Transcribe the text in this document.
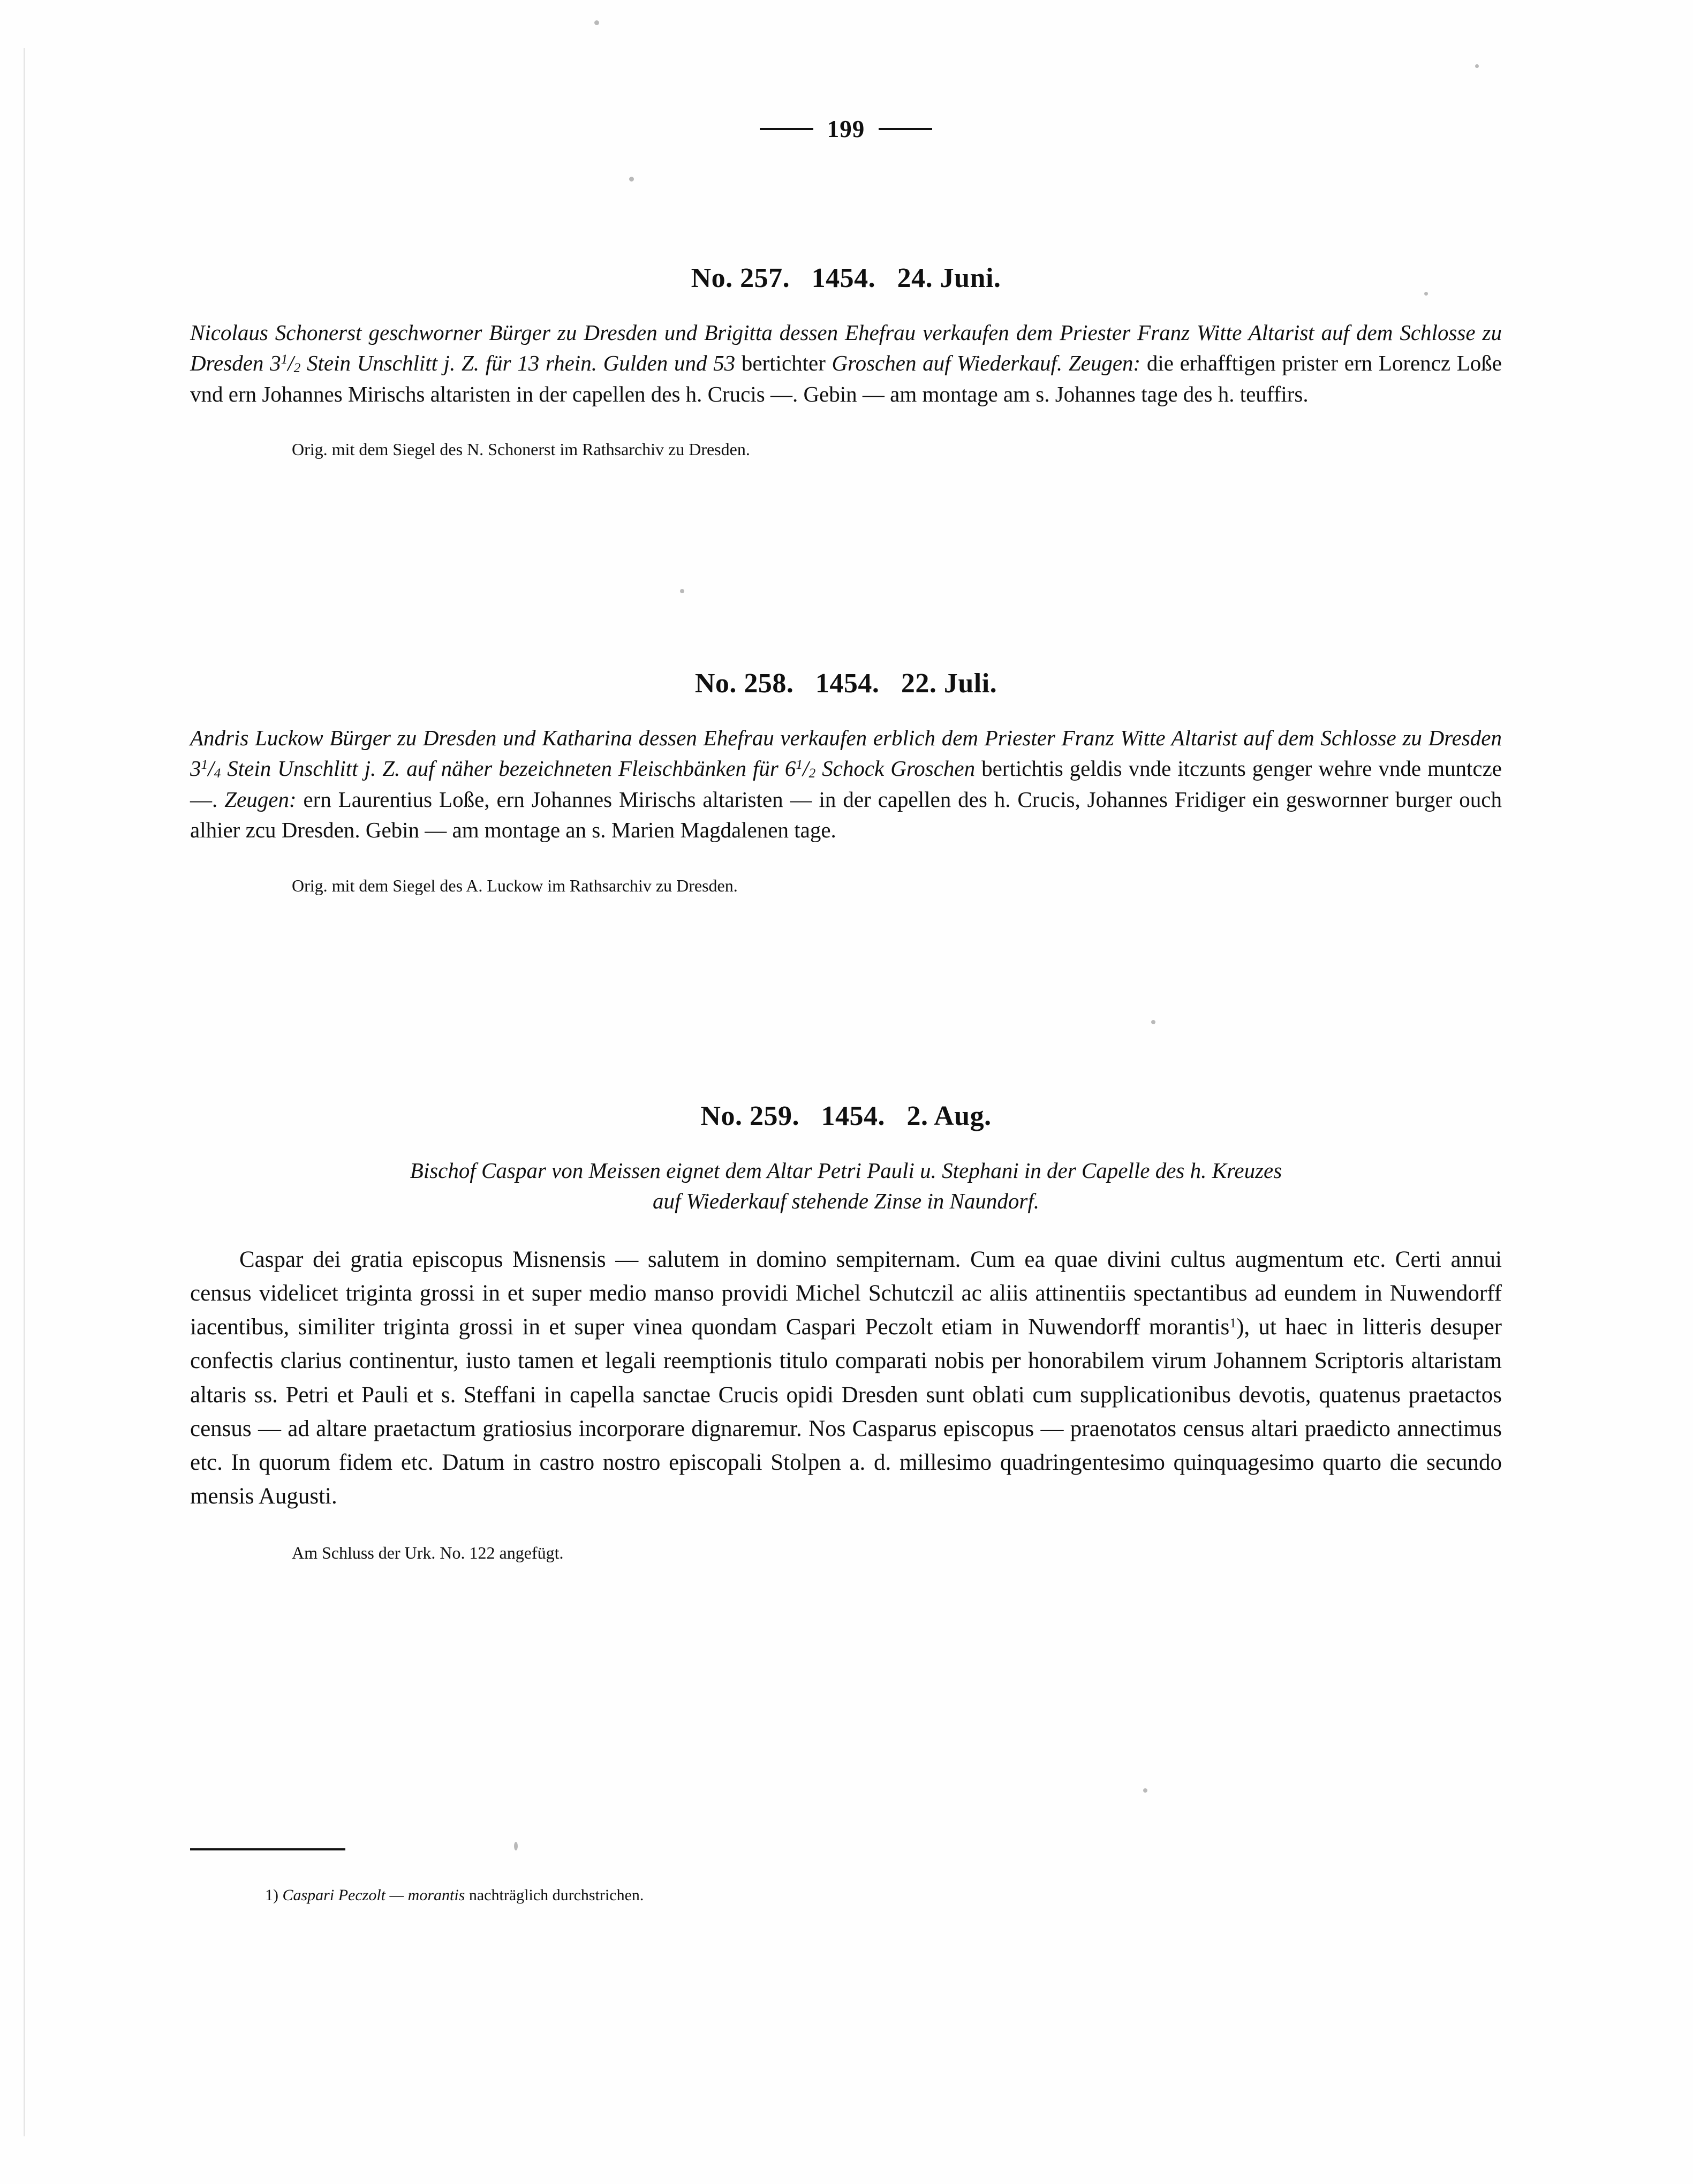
199
No. 257.   1454.   24. Juni.

Nicolaus Schonerst geschworner Bürger zu Dresden und Brigitta dessen Ehefrau verkaufen dem Priester Franz Witte Altarist auf dem Schlosse zu Dresden $3^1/_2$ Stein Unschlitt j. Z. für 13 rhein. Gulden und 53 bertichter Groschen auf Wiederkauf. Zeugen: die erhafftigen prister ern Lorencz Loße vnd ern Johannes Mirischs altaristen in der capellen des h. Crucis —. Gebin — am montage am s. Johannes tage des h. teuffirs.

Orig. mit dem Siegel des N. Schonerst im Rathsarchiv zu Dresden.

No. 258.   1454.   22. Juli.

Andris Luckow Bürger zu Dresden und Katharina dessen Ehefrau verkaufen erblich dem Priester Franz Witte Altarist auf dem Schlosse zu Dresden $3^1/_4$ Stein Unschlitt j. Z. auf näher bezeichneten Fleischbänken für $6^1/_2$ Schock Groschen bertichtis geldis vnde itczunts genger wehre vnde muntcze —. Zeugen: ern Laurentius Loße, ern Johannes Mirischs altaristen — in der capellen des h. Crucis, Johannes Fridiger ein geswornner burger ouch alhier zcu Dresden. Gebin — am montage an s. Marien Magdalenen tage.

Orig. mit dem Siegel des A. Luckow im Rathsarchiv zu Dresden.

No. 259.   1454.   2. Aug.

Bischof Caspar von Meissen eignet dem Altar Petri Pauli u. Stephani in der Capelle des h. Kreuzes

auf Wiederkauf stehende Zinse in Naundorf.

Caspar dei gratia episcopus Misnensis — salutem in domino sempiternam. Cum ea quae divini cultus augmentum etc. Certi annui census videlicet triginta grossi in et super medio manso providi Michel Schutczil ac aliis attinentiis spectantibus ad eundem in Nuwendorff iacentibus, similiter triginta grossi in et super vinea quondam Caspari Peczolt etiam in Nuwendorff morantis$^1$), ut haec in litteris desuper confectis clarius continentur, iusto tamen et legali reemptionis titulo comparati nobis per honorabilem virum Johannem Scriptoris altaristam altaris ss. Petri et Pauli et s. Steffani in capella sanctae Crucis opidi Dresden sunt oblati cum supplicationibus devotis, quatenus praetactos census — ad altare praetactum gratiosius incorporare dignaremur. Nos Casparus episcopus — praenotatos census altari praedicto annectimus etc. In quorum fidem etc. Datum in castro nostro episcopali Stolpen a. d. millesimo quadringentesimo quinquagesimo quarto die secundo mensis Augusti.

Am Schluss der Urk. No. 122 angefügt.

1) Caspari Peczolt — morantis nachträglich durchstrichen.
